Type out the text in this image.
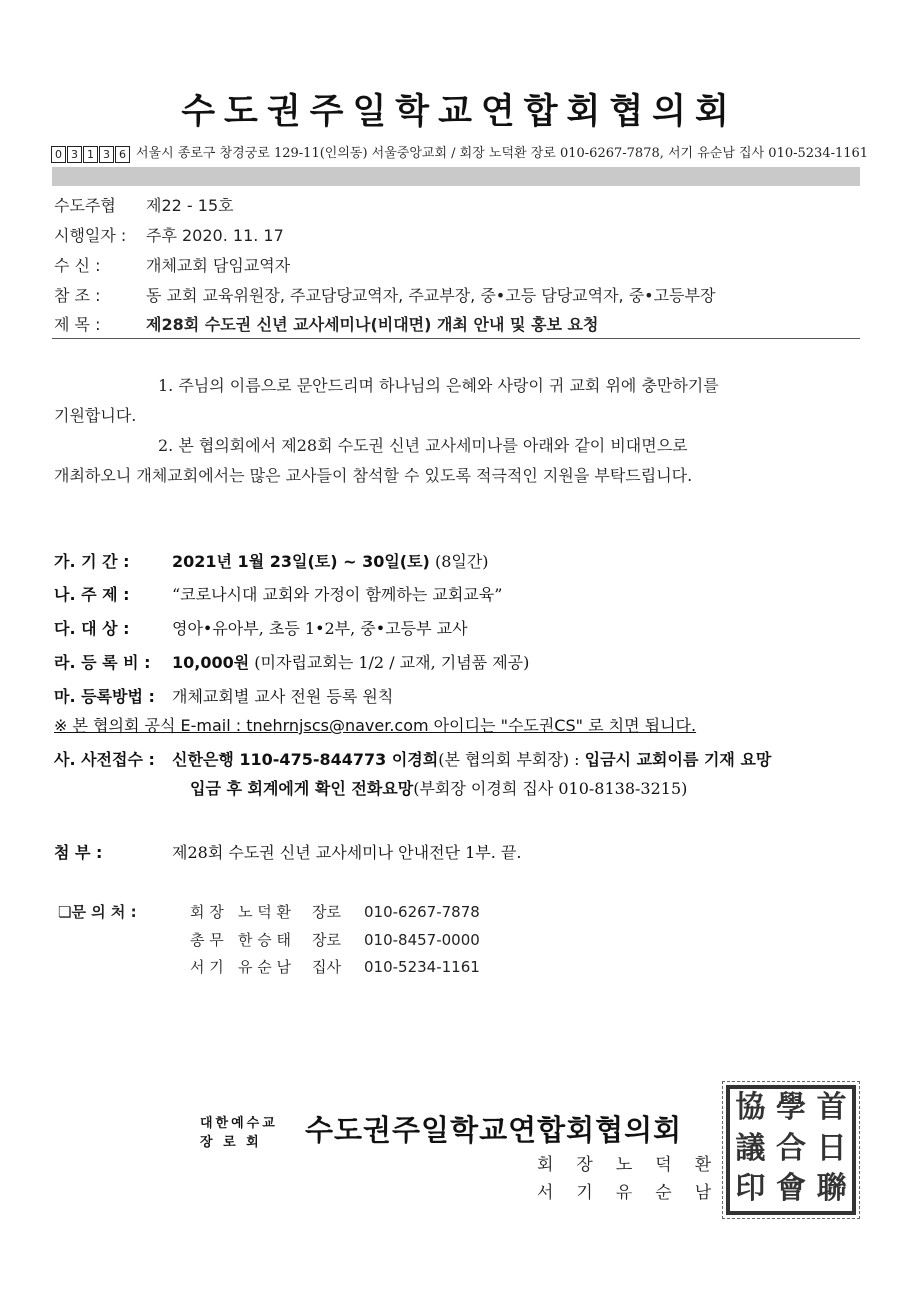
수도권주일학교연합회협의회
0 3 1 3 6 서울시 종로구 창경궁로 129-11(인의동) 서울중앙교회 / 회장 노덕환 장로 010-6267-7878, 서기 유순남 집사 010-5234-1161
수도주협 제22 - 15호
시행일자 : 주후 2020. 11. 17
수 신 :	개체교회 담임교역자
참 조 :	동 교회 교육위원장, 주교담당교역자, 주교부장, 중•고등 담당교역자, 중•고등부장
제 목 :	제28회 수도권 신년 교사세미나(비대면) 개최 안내 및 홍보 요청
1. 주님의 이름으로 문안드리며 하나님의 은혜와 사랑이 귀 교회 위에 충만하기를
기원합니다.
2. 본 협의회에서 제28회 수도권 신년 교사세미나를 아래와 같이 비대면으로
개최하오니 개체교회에서는 많은 교사들이 참석할 수 있도록 적극적인 지원을 부탁드립니다.
가. 기 간 :	2021년 1월 23일(토) ~ 30일(토) (8일간)
나. 주 제 :	“코로나시대 교회와 가정이 함께하는 교회교육”
다. 대 상 :	영아•유아부, 초등 1•2부, 중•고등부 교사
라. 등 록 비 : 10,000원 (미자립교회는 1/2 / 교재, 기념품 제공)
마. 등록방법 : 개체교회별 교사 전원 등록 원칙
※ 본 협의회 공식 E-mail : tnehrnjscs@naver.com 아이디는 "수도권CS" 로 치면 됩니다.
사. 사전접수 : 신한은행 110-475-844773 이경희(본 협의회 부회장) : 입금시 교회이름 기재 요망
입금 후 회계에게 확인 전화요망(부회장 이경희 집사 010-8138-3215)
첨 부 :	제28회 수도권 신년 교사세미나 안내전단 1부. 끝.
❏문 의 처 :	회 장 노 덕 환 장로 010-6267-7878
총 무 한 승 태 장로 010-8457-0000
서 기 유 순 남 집사 010-5234-1161
대한예수교
장 로 회 수도권주일학교연합회협의회
회장노덕환
서기유순남
協 學 首
議 合 日
印 會 聯
